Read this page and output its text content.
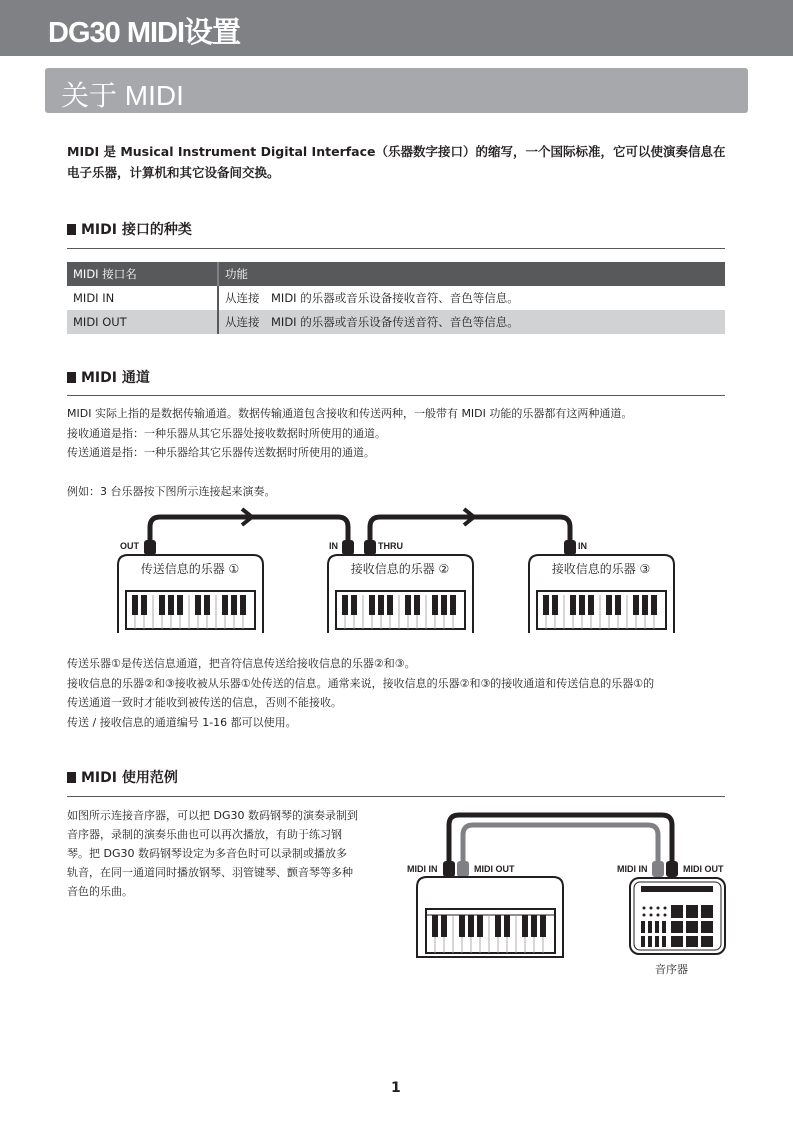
DG30 MIDI设置
关于 MIDI

MIDI 是 Musical Instrument Digital Interface（乐器数字接口）的缩写，一个国际标准，它可以使演奏信息在电子乐器，计算机和其它设备间交换。

MIDI 接口的种类
MIDI 接口名	功能
MIDI IN	从连接　MIDI 的乐器或音乐设备接收音符、音色等信息。
MIDI OUT	从连接　MIDI 的乐器或音乐设备传送音符、音色等信息。
MIDI 通道
MIDI 实际上指的是数据传输通道。数据传输通道包含接收和传送两种，一般带有 MIDI 功能的乐器都有这两种通道。
接收通道是指：一种乐器从其它乐器处接收数据时所使用的通道。
传送通道是指：一种乐器给其它乐器传送数据时所使用的通道。
例如：3 台乐器按下图所示连接起来演奏。
OUT	IN	THRU	IN
传送信息的乐器 ①	接收信息的乐器 ②	接收信息的乐器 ③
传送乐器①是传送信息通道，把音符信息传送给接收信息的乐器②和③。
接收信息的乐器②和③接收被从乐器①处传送的信息。通常来说，接收信息的乐器②和③的接收通道和传送信息的乐器①的
传送通道一致时才能收到被传送的信息，否则不能接收。
传送 / 接收信息的通道编号 1-16 都可以使用。
MIDI 使用范例
如图所示连接音序器，可以把 DG30 数码钢琴的演奏录制到
音序器，录制的演奏乐曲也可以再次播放，有助于练习钢
琴。把 DG30 数码钢琴设定为多音色时可以录制或播放多
轨音，在同一通道同时播放钢琴、羽管键琴、颤音琴等多种
音色的乐曲。
MIDI IN	MIDI OUT	MIDI IN	MIDI OUT
音序器
1
